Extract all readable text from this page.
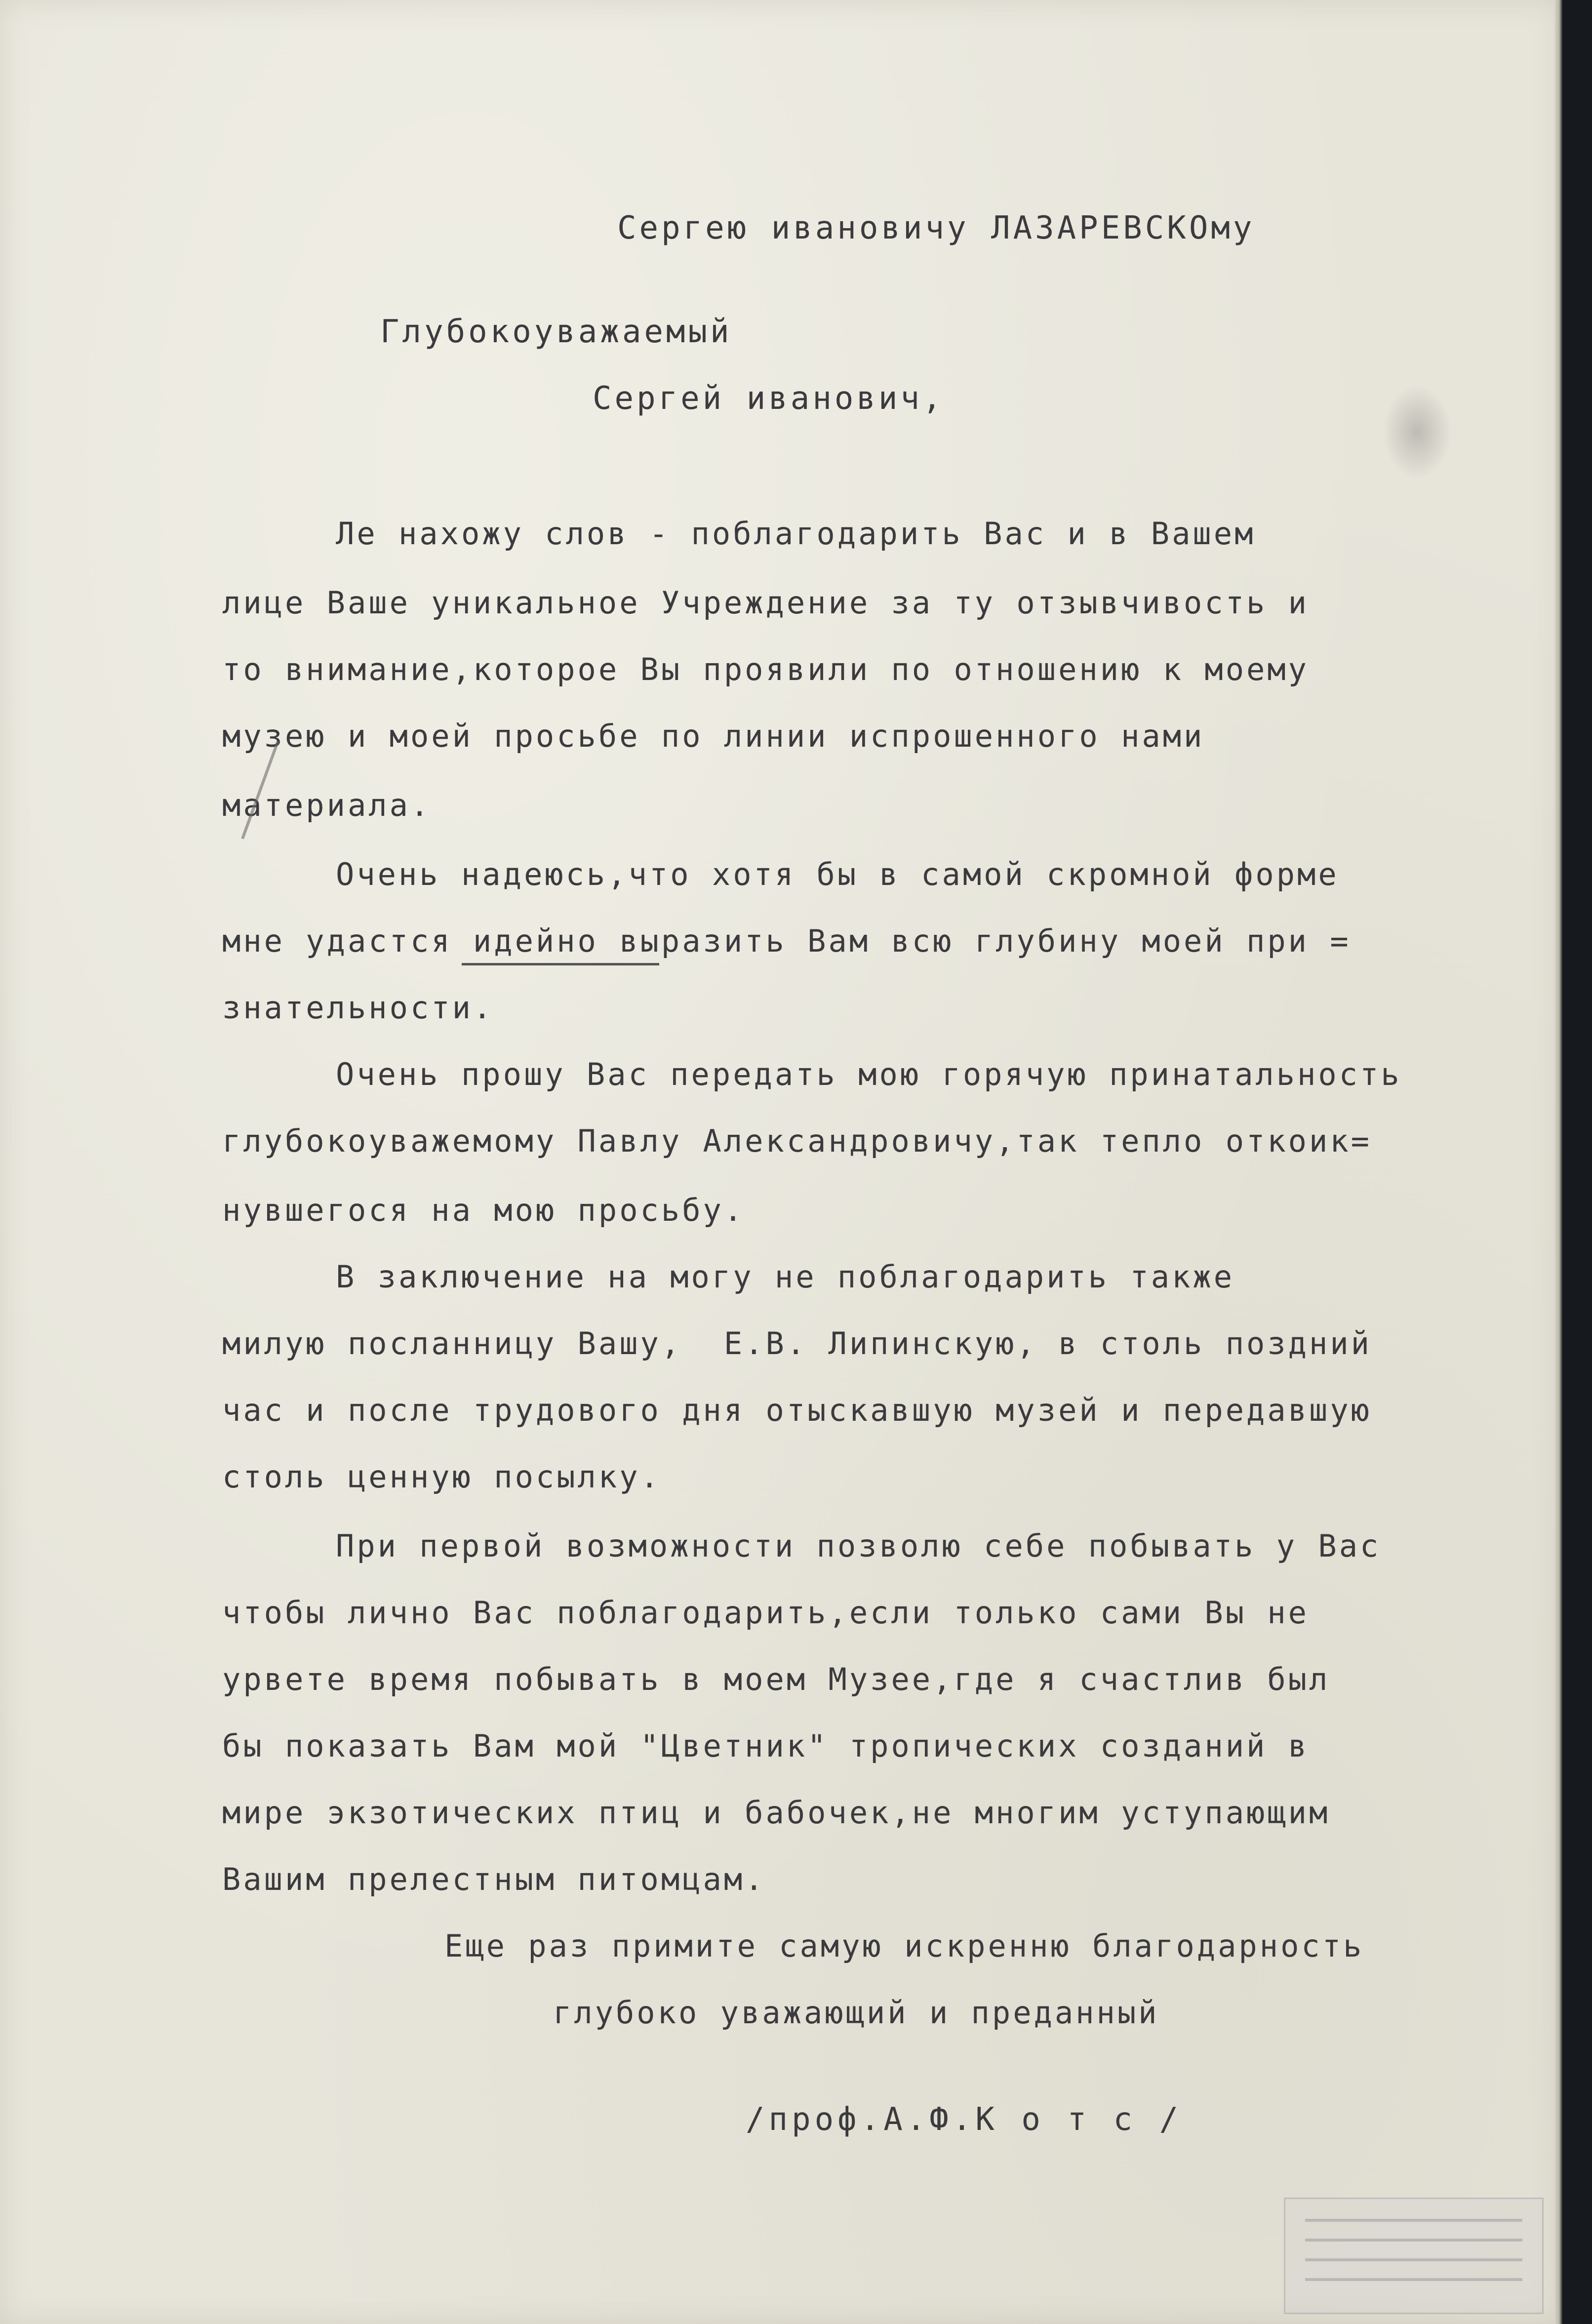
Сергею ивановичу ЛАЗАРЕВСКОму
Глубокоуважаемый
Сергей иванович,
Ле нахожу слов - поблагодарить Вас и в Вашем
лице Ваше уникальное Учреждение за ту отзывчивость и
то внимание,которое Вы проявили по отношению к моему
музею и моей просьбе по линии испрошенного нами
материала.
Очень надеюсь,что хотя бы в самой скромной форме
мне удастся идейно выразить Вам всю глубину моей при =
знательности.
Очень прошу Вас передать мою горячую принатальность
глубокоуважемому Павлу Александровичу,так тепло откоик=
нувшегося на мою просьбу.
В заключение на могу не поблагодарить также
милую посланницу Вашу,  Е.В. Липинскую, в столь поздний
час и после трудового дня отыскавшую музей и передавшую
столь ценную посылку.
При первой возможности позволю себе побывать у Вас
чтобы лично Вас поблагодарить,если только сами Вы не
урвете время побывать в моем Музее,где я счастлив был
бы показать Вам мой "Цветник" тропических созданий в
мире экзотических птиц и бабочек,не многим уступающим
Вашим прелестным питомцам.
Еще раз примите самую искренню благодарность
глубоко уважающий и преданный
/проф.А.Ф.К о т с /
